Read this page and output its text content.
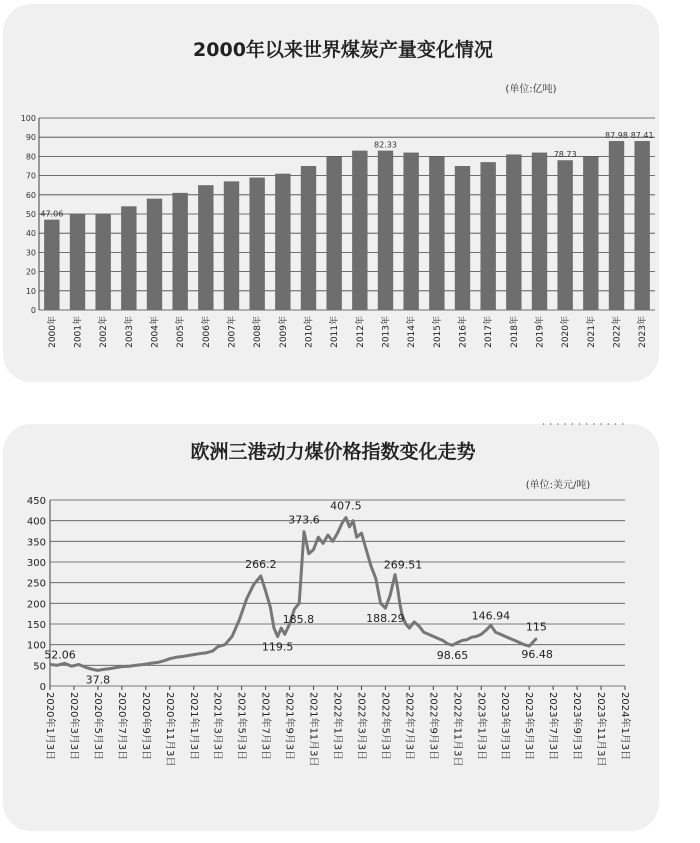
2000年以来世界煤炭产量变化情况
(单位:亿吨)
0
10
20
30
40
50
60
70
80
90
100
2000年 2001年 2002年 2003年 2004年 2005年 2006年 2007年 2008年 2009年 2010年 2011年 2012年 2013年 2014年 2015年 2016年 2017年 2018年 2019年 2020年 2021年 2022年 2023年
47.06
82.33
78.73
87.98 87.41
欧洲三港动力煤价格指数变化走势
(单位:美元/吨)
0
50
100
150
200
250
300
350
400
450
2020年1月3日 2020年3月3日 2020年5月3日 2020年7月3日 2020年9月3日 2020年11月3日 2021年1月3日 2021年3月3日 2021年5月3日 2021年7月3日 2021年9月3日 2021年11月3日 2022年1月3日 2022年3月3日 2022年5月3日 2022年7月3日 2022年9月3日 2022年11月3日 2023年1月3日 2023年3月3日 2023年5月3日 2023年7月3日 2023年9月3日 2023年11月3日 2024年1月3日
52.06
37.8
266.2
119.5
185.8
373.6
407.5
188.29
269.51
98.65
146.94
96.48
115
